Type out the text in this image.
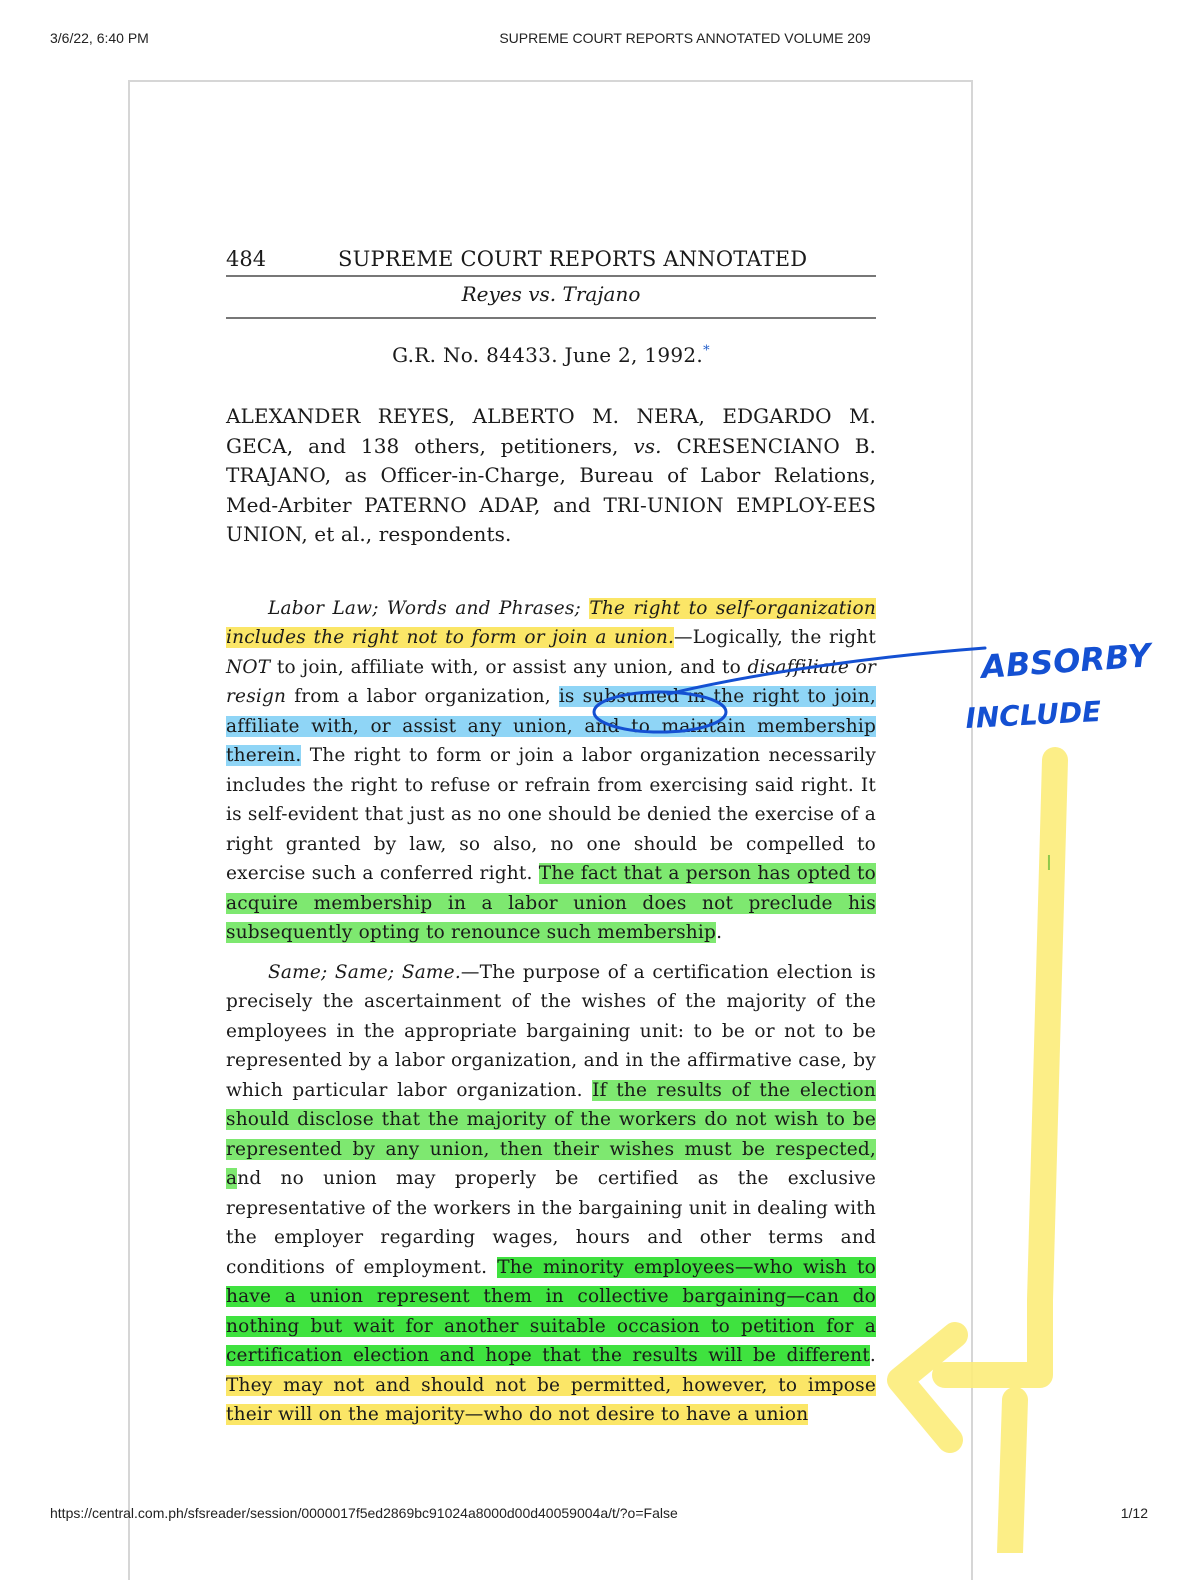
3/6/22, 6:40 PM	SUPREME COURT REPORTS ANNOTATED VOLUME 209
484	SUPREME COURT REPORTS ANNOTATED
Reyes vs. Trajano
G.R. No. 84433. June 2, 1992.*
ALEXANDER REYES, ALBERTO M. NERA, EDGARDO M. GECA, and 138 others, petitioners, vs. CRESENCIANO B. TRAJANO, as Officer-in-Charge, Bureau of Labor Relations, Med-Arbiter PATERNO ADAP, and TRI-UNION EMPLOY-EES UNION, et al., respondents.
Labor Law; Words and Phrases; The right to self-organization includes the right not to form or join a union.—Logically, the right NOT to join, affiliate with, or assist any union, and to disaffiliate or resign from a labor organization, is subsumed in the right to join, affiliate with, or assist any union, and to maintain membership therein. The right to form or join a labor organization necessarily includes the right to refuse or refrain from exercising said right. It is self-evident that just as no one should be denied the exercise of a right granted by law, so also, no one should be compelled to exercise such a conferred right. The fact that a person has opted to acquire membership in a labor union does not preclude his subsequently opting to renounce such membership.
Same; Same; Same.—The purpose of a certification election is precisely the ascertainment of the wishes of the majority of the employees in the appropriate bargaining unit: to be or not to be represented by a labor organization, and in the affirmative case, by which particular labor organization. If the results of the election should disclose that the majority of the workers do not wish to be represented by any union, then their wishes must be respected, and no union may properly be certified as the exclusive representative of the workers in the bargaining unit in dealing with the employer regarding wages, hours and other terms and conditions of employment. The minority employees—who wish to have a union represent them in collective bargaining—can do nothing but wait for another suitable occasion to petition for a certification election and hope that the results will be different. They may not and should not be permitted, however, to impose their will on the majority—who do not desire to have a union
I
ABSORBY
INCLUDE
https://central.com.ph/sfsreader/session/0000017f5ed2869bc91024a8000d00d40059004a/t/?o=False	1/12
